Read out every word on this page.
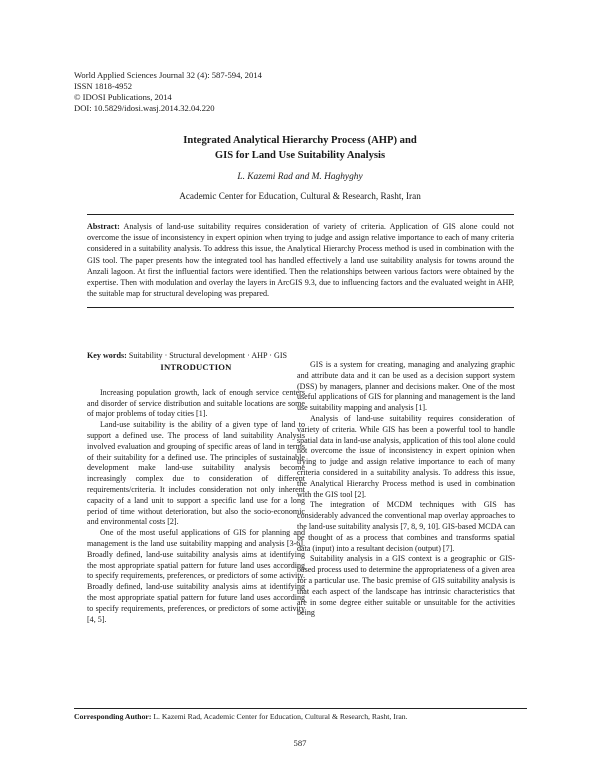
World Applied Sciences Journal 32 (4): 587-594, 2014
ISSN 1818-4952
© IDOSI Publications, 2014
DOI: 10.5829/idosi.wasj.2014.32.04.220
Integrated Analytical Hierarchy Process (AHP) and
GIS for Land Use Suitability Analysis
L. Kazemi Rad and M. Haghyghy
Academic Center for Education, Cultural & Research, Rasht, Iran
Abstract: Analysis of land-use suitability requires consideration of variety of criteria. Application of GIS alone could not overcome the issue of inconsistency in expert opinion when trying to judge and assign relative importance to each of many criteria considered in a suitability analysis. To address this issue, the Analytical Hierarchy Process method is used in combination with the GIS tool. The paper presents how the integrated tool has handled effectively a land use suitability analysis for towns around the Anzali lagoon. At first the influential factors were identified. Then the relationships between various factors were obtained by the expertise. Then with modulation and overlay the layers in ArcGIS 9.3, due to influencing factors and the evaluated weight in AHP, the suitable map for structural developing was prepared.
Key words: Suitability · Structural development · AHP · GIS
INTRODUCTION

Increasing population growth, lack of enough service centers and disorder of service distribution and suitable locations are some of major problems of today cities [1].

Land-use suitability is the ability of a given type of land to support a defined use. The process of land suitability Analysis involved evaluation and grouping of specific areas of land in terms of their suitability for a defined use. The principles of sustainable development make land-use suitability analysis become increasingly complex due to consideration of different requirements/criteria. It includes consideration not only inherent capacity of a land unit to support a specific land use for a long period of time without deterioration, but also the socio-economic and environmental costs [2].

One of the most useful applications of GIS for planning and management is the land use suitability mapping and analysis [3-6]. Broadly defined, land-use suitability analysis aims at identifying the most appropriate spatial pattern for future land uses according to specify requirements, preferences, or predictors of some activity. Broadly defined, land-use suitability analysis aims at identifying the most appropriate spatial pattern for future land uses according to specify requirements, preferences, or predictors of some activity [4, 5].

GIS is a system for creating, managing and analyzing graphic and attribute data and it can be used as a decision support system (DSS) by managers, planner and decisions maker. One of the most useful applications of GIS for planning and management is the land use suitability mapping and analysis [1].

Analysis of land-use suitability requires consideration of variety of criteria. While GIS has been a powerful tool to handle spatial data in land-use analysis, application of this tool alone could not overcome the issue of inconsistency in expert opinion when trying to judge and assign relative importance to each of many criteria considered in a suitability analysis. To address this issue, the Analytical Hierarchy Process method is used in combination with the GIS tool [2].

The integration of MCDM techniques with GIS has considerably advanced the conventional map overlay approaches to the land-use suitability analysis [7, 8, 9, 10]. GIS-based MCDA can be thought of as a process that combines and transforms spatial data (input) into a resultant decision (output) [7].

Suitability analysis in a GIS context is a geographic or GIS-based process used to determine the appropriateness of a given area for a particular use. The basic premise of GIS suitability analysis is that each aspect of the landscape has intrinsic characteristics that are in some degree either suitable or unsuitable for the activities being

Corresponding Author: L. Kazemi Rad, Academic Center for Education, Cultural & Research, Rasht, Iran.
587
